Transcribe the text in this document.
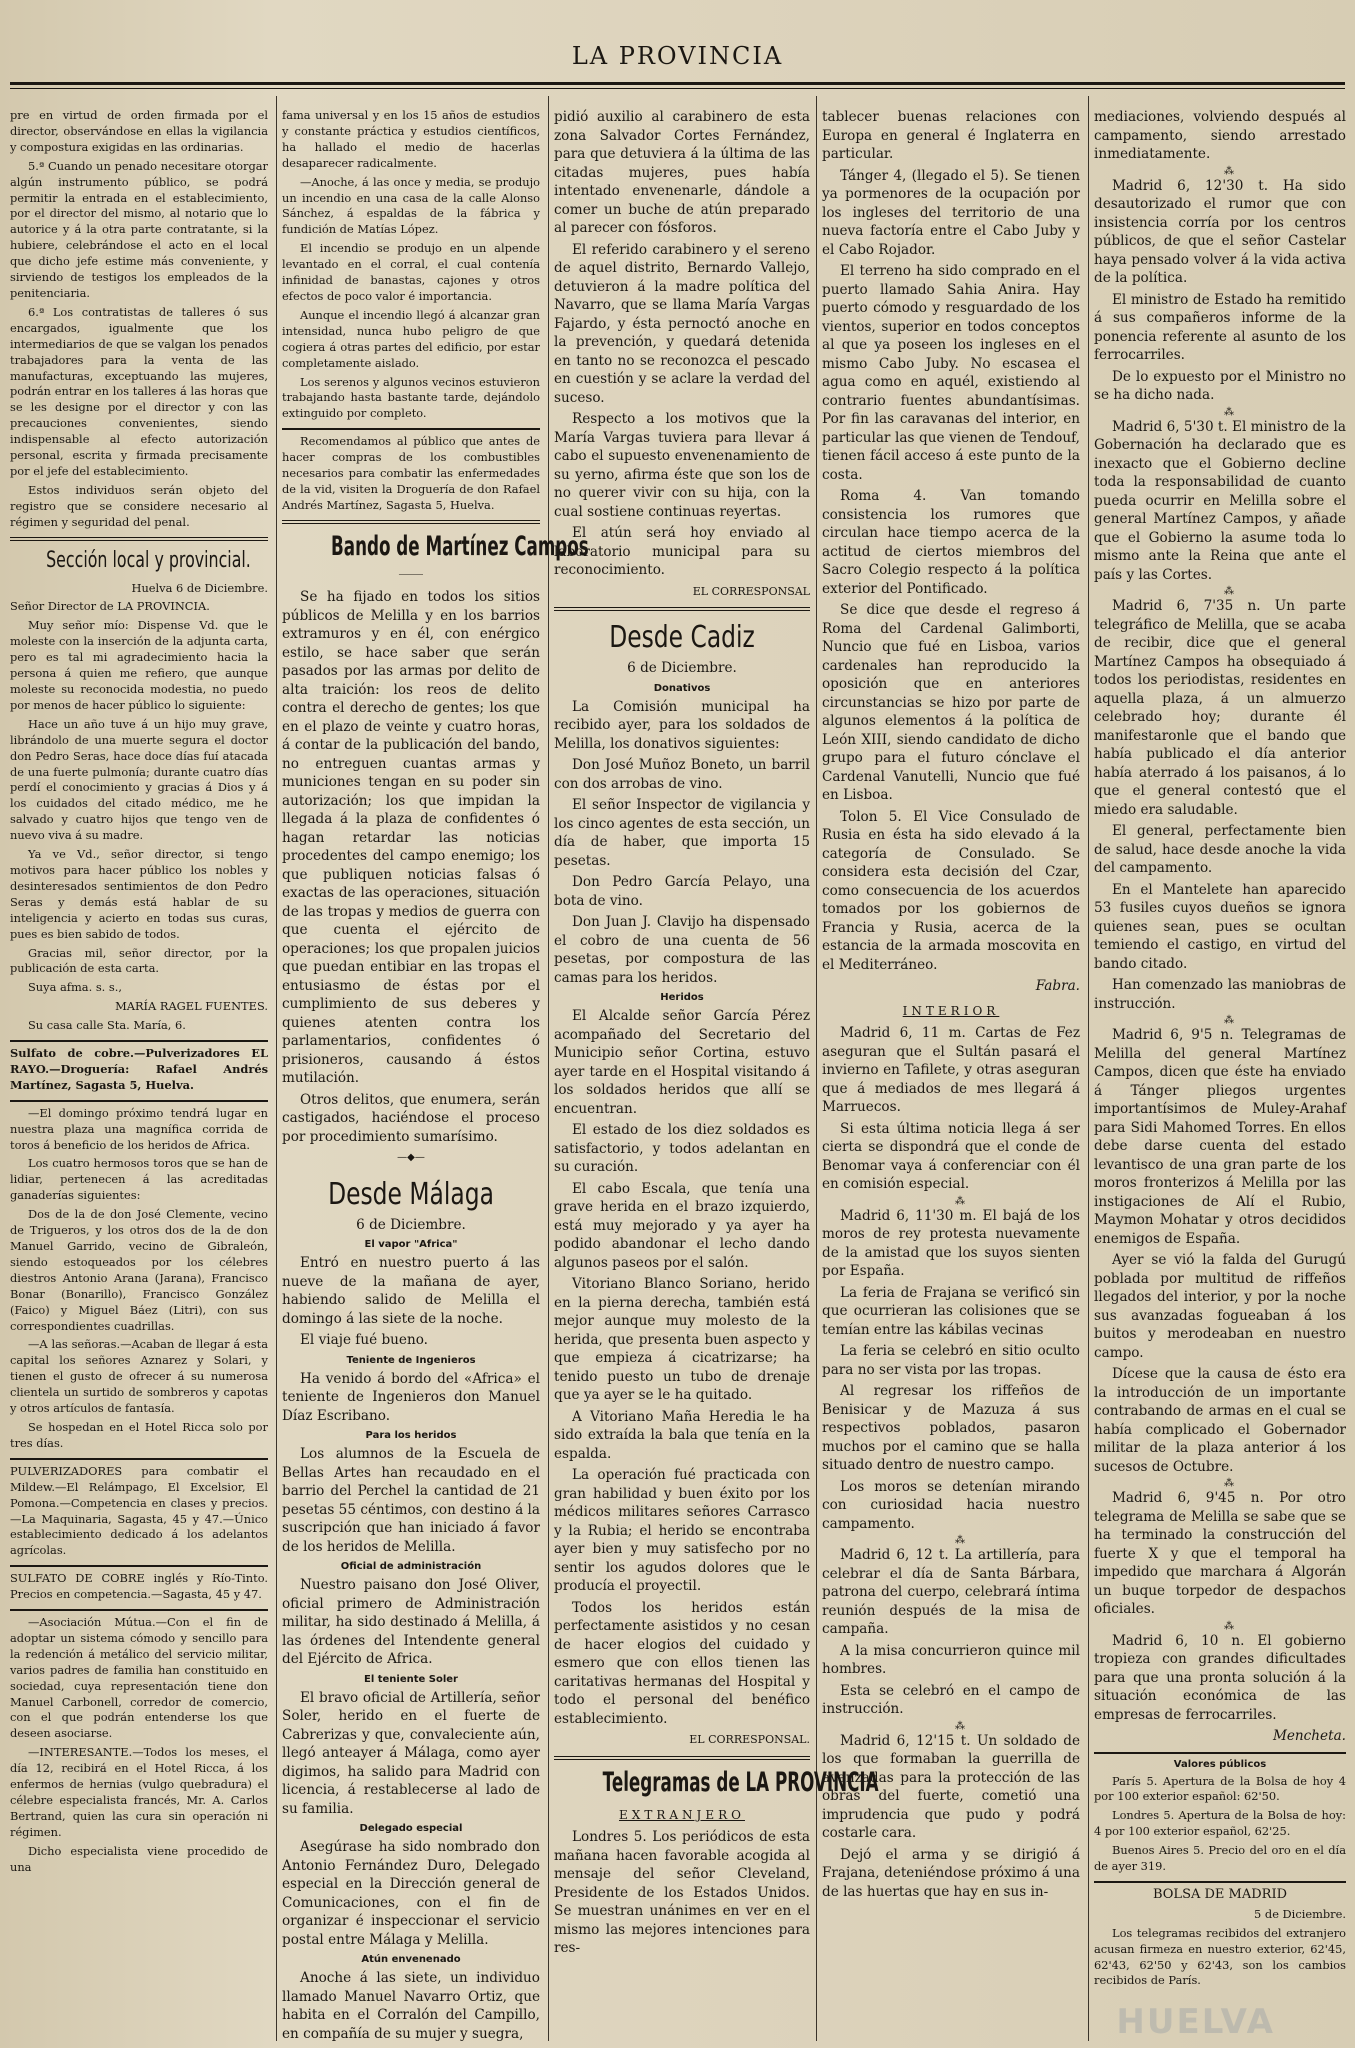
LA PROVINCIA

pre en virtud de orden firmada por el director, observándose en ellas la vigilancia y compostura exigidas en las ordinarias.

5.ª Cuando un penado necesitare otorgar algún instrumento público, se podrá permitir la entrada en el establecimiento, por el director del mismo, al notario que lo autorice y á la otra parte contratante, si la hubiere, celebrándose el acto en el local que dicho jefe estime más conveniente, y sirviendo de testigos los empleados de la penitenciaria.

6.ª Los contratistas de talleres ó sus encargados, igualmente que los intermediarios de que se valgan los penados trabajadores para la venta de las manufacturas, exceptuando las mujeres, podrán entrar en los talleres á las horas que se les designe por el director y con las precauciones convenientes, siendo indispensable al efecto autorización personal, escrita y firmada precisamente por el jefe del establecimiento.

Estos individuos serán objeto del registro que se considere necesario al régimen y seguridad del penal.

Sección local y provincial.

Huelva 6 de Diciembre.

Señor Director de LA PROVINCIA.

Muy señor mío: Dispense Vd. que le moleste con la inserción de la adjunta carta, pero es tal mi agradecimiento hacia la persona á quien me refiero, que aunque moleste su reconocida modestia, no puedo por menos de hacer público lo siguiente:

Hace un año tuve á un hijo muy grave, librándolo de una muerte segura el doctor don Pedro Seras, hace doce días fuí atacada de una fuerte pulmonía; durante cuatro días perdí el conocimiento y gracias á Dios y á los cuidados del citado médico, me he salvado y cuatro hijos que tengo ven de nuevo viva á su madre.

Ya ve Vd., señor director, si tengo motivos para hacer público los nobles y desinteresados sentimientos de don Pedro Seras y demás está hablar de su inteligencia y acierto en todas sus curas, pues es bien sabido de todos.

Gracias mil, señor director, por la publicación de esta carta.

Suya afma. s. s.,

MARÍA RAGEL FUENTES.

Su casa calle Sta. María, 6.

Sulfato de cobre.—Pulverizadores EL RAYO.—Droguería: Rafael Andrés Martínez, Sagasta 5, Huelva.

—El domingo próximo tendrá lugar en nuestra plaza una magnífica corrida de toros á beneficio de los heridos de Africa.

Los cuatro hermosos toros que se han de lidiar, pertenecen á las acreditadas ganaderías siguientes:

Dos de la de don José Clemente, vecino de Trigueros, y los otros dos de la de don Manuel Garrido, vecino de Gibraleón, siendo estoqueados por los célebres diestros Antonio Arana (Jarana), Francisco Bonar (Bonarillo), Francisco González (Faico) y Miguel Báez (Litri), con sus correspondientes cuadrillas.

—A las señoras.—Acaban de llegar á esta capital los señores Aznarez y Solari, y tienen el gusto de ofrecer á su numerosa clientela un surtido de sombreros y capotas y otros artículos de fantasía.

Se hospedan en el Hotel Ricca solo por tres días.

PULVERIZADORES para combatir el Mildew.—El Relámpago, El Excelsior, El Pomona.—Competencia en clases y precios.—La Maquinaria, Sagasta, 45 y 47.—Único establecimiento dedicado á los adelantos agrícolas.

SULFATO DE COBRE inglés y Río-Tinto. Precios en competencia.—Sagasta, 45 y 47.

—Asociación Mútua.—Con el fin de adoptar un sistema cómodo y sencillo para la redención á metálico del servicio militar, varios padres de familia han constituido en sociedad, cuya representación tiene don Manuel Carbonell, corredor de comercio, con el que podrán entenderse los que deseen asociarse.

—INTERESANTE.—Todos los meses, el día 12, recibirá en el Hotel Ricca, á los enfermos de hernias (vulgo quebradura) el célebre especialista francés, Mr. A. Carlos Bertrand, quien las cura sin operación ni régimen.

Dicho especialista viene procedido de una

fama universal y en los 15 años de estudios y constante práctica y estudios científicos, ha hallado el medio de hacerlas desaparecer radicalmente.

—Anoche, á las once y media, se produjo un incendio en una casa de la calle Alonso Sánchez, á espaldas de la fábrica y fundición de Matías López.

El incendio se produjo en un alpende levantado en el corral, el cual contenía infinidad de banastas, cajones y otros efectos de poco valor é importancia.

Aunque el incendio llegó á alcanzar gran intensidad, nunca hubo peligro de que cogiera á otras partes del edificio, por estar completamente aislado.

Los serenos y algunos vecinos estuvieron trabajando hasta bastante tarde, dejándolo extinguido por completo.

Recomendamos al público que antes de hacer compras de los combustibles necesarios para combatir las enfermedades de la vid, visiten la Droguería de don Rafael Andrés Martínez, Sagasta 5, Huelva.

Bando de Martínez Campos
⸻

Se ha fijado en todos los sitios públicos de Melilla y en los barrios extramuros y en él, con enérgico estilo, se hace saber que serán pasados por las armas por delito de alta traición: los reos de delito contra el derecho de gentes; los que en el plazo de veinte y cuatro horas, á contar de la publicación del bando, no entreguen cuantas armas y municiones tengan en su poder sin autorización; los que impidan la llegada á la plaza de confidentes ó hagan retardar las noticias procedentes del campo enemigo; los que publiquen noticias falsas ó exactas de las operaciones, situación de las tropas y medios de guerra con que cuenta el ejército de operaciones; los que propalen juicios que puedan entibiar en las tropas el entusiasmo de éstas por el cumplimiento de sus deberes y quienes atenten contra los parlamentarios, confidentes ó prisioneros, causando á éstos mutilación.

Otros delitos, que enumera, serán castigados, haciéndose el proceso por procedimiento sumarísimo.

—◆—
Desde Málaga

6 de Diciembre.

El vapor "Africa"

Entró en nuestro puerto á las nueve de la mañana de ayer, habiendo salido de Melilla el domingo á las siete de la noche.

El viaje fué bueno.

Teniente de Ingenieros

Ha venido á bordo del «Africa» el teniente de Ingenieros don Manuel Díaz Escribano.

Para los heridos

Los alumnos de la Escuela de Bellas Artes han recaudado en el barrio del Perchel la cantidad de 21 pesetas 55 céntimos, con destino á la suscripción que han iniciado á favor de los heridos de Melilla.

Oficial de administración

Nuestro paisano don José Oliver, oficial primero de Administración militar, ha sido destinado á Melilla, á las órdenes del Intendente general del Ejército de Africa.

El teniente Soler

El bravo oficial de Artillería, señor Soler, herido en el fuerte de Cabrerizas y que, convaleciente aún, llegó anteayer á Málaga, como ayer digimos, ha salido para Madrid con licencia, á restablecerse al lado de su familia.

Delegado especial

Asegúrase ha sido nombrado don Antonio Fernández Duro, Delegado especial en la Dirección general de Comunicaciones, con el fin de organizar é inspeccionar el servicio postal entre Málaga y Melilla.

Atún envenenado

Anoche á las siete, un individuo llamado Manuel Navarro Ortiz, que habita en el Corralón del Campillo, en compañía de su mujer y suegra,

pidió auxilio al carabinero de esta zona Salvador Cortes Fernández, para que detuviera á la última de las citadas mujeres, pues había intentado envenenarle, dándole a comer un buche de atún preparado al parecer con fósforos.

El referido carabinero y el sereno de aquel distrito, Bernardo Vallejo, detuvieron á la madre política del Navarro, que se llama María Vargas Fajardo, y ésta pernoctó anoche en la prevención, y quedará detenida en tanto no se reconozca el pescado en cuestión y se aclare la verdad del suceso.

Respecto a los motivos que la María Vargas tuviera para llevar á cabo el supuesto envenenamiento de su yerno, afirma éste que son los de no querer vivir con su hija, con la cual sostiene continuas reyertas.

El atún será hoy enviado al laboratorio municipal para su reconocimiento.

EL CORRESPONSAL

Desde Cadiz

6 de Diciembre.

Donativos

La Comisión municipal ha recibido ayer, para los soldados de Melilla, los donativos siguientes:

Don José Muñoz Boneto, un barril con dos arrobas de vino.

El señor Inspector de vigilancia y los cinco agentes de esta sección, un día de haber, que importa 15 pesetas.

Don Pedro García Pelayo, una bota de vino.

Don Juan J. Clavijo ha dispensado el cobro de una cuenta de 56 pesetas, por compostura de las camas para los heridos.

Heridos

El Alcalde señor García Pérez acompañado del Secretario del Municipio señor Cortina, estuvo ayer tarde en el Hospital visitando á los soldados heridos que allí se encuentran.

El estado de los diez soldados es satisfactorio, y todos adelantan en su curación.

El cabo Escala, que tenía una grave herida en el brazo izquierdo, está muy mejorado y ya ayer ha podido abandonar el lecho dando algunos paseos por el salón.

Vitoriano Blanco Soriano, herido en la pierna derecha, también está mejor aunque muy molesto de la herida, que presenta buen aspecto y que empieza á cicatrizarse; ha tenido puesto un tubo de drenaje que ya ayer se le ha quitado.

A Vitoriano Maña Heredia le ha sido extraída la bala que tenía en la espalda.

La operación fué practicada con gran habilidad y buen éxito por los médicos militares señores Carrasco y la Rubia; el herido se encontraba ayer bien y muy satisfecho por no sentir los agudos dolores que le producía el proyectil.

Todos los heridos están perfectamente asistidos y no cesan de hacer elogios del cuidado y esmero que con ellos tienen las caritativas hermanas del Hospital y todo el personal del benéfico establecimiento.

EL CORRESPONSAL.

Telegramas de LA PROVINCIA
EXTRANJERO

Londres 5. Los periódicos de esta mañana hacen favorable acogida al mensaje del señor Cleveland, Presidente de los Estados Unidos. Se muestran unánimes en ver en el mismo las mejores intenciones para res-

tablecer buenas relaciones con Europa en general é Inglaterra en particular.

Tánger 4, (llegado el 5). Se tienen ya pormenores de la ocupación por los ingleses del territorio de una nueva factoría entre el Cabo Juby y el Cabo Rojador.

El terreno ha sido comprado en el puerto llamado Sahia Anira. Hay puerto cómodo y resguardado de los vientos, superior en todos conceptos al que ya poseen los ingleses en el mismo Cabo Juby. No escasea el agua como en aquél, existiendo al contrario fuentes abundantísimas. Por fin las caravanas del interior, en particular las que vienen de Tendouf, tienen fácil acceso á este punto de la costa.

Roma 4. Van tomando consistencia los rumores que circulan hace tiempo acerca de la actitud de ciertos miembros del Sacro Colegio respecto á la política exterior del Pontificado.

Se dice que desde el regreso á Roma del Cardenal Galimborti, Nuncio que fué en Lisboa, varios cardenales han reproducido la oposición que en anteriores circunstancias se hizo por parte de algunos elementos á la política de León XIII, siendo candidato de dicho grupo para el futuro cónclave el Cardenal Vanutelli, Nuncio que fué en Lisboa.

Tolon 5. El Vice Consulado de Rusia en ésta ha sido elevado á la categoría de Consulado. Se considera esta decisión del Czar, como consecuencia de los acuerdos tomados por los gobiernos de Francia y Rusia, acerca de la estancia de la armada moscovita en el Mediterráneo.

Fabra.

INTERIOR

Madrid 6, 11 m. Cartas de Fez aseguran que el Sultán pasará el invierno en Tafilete, y otras aseguran que á mediados de mes llegará á Marruecos.

Si esta última noticia llega á ser cierta se dispondrá que el conde de Benomar vaya á conferenciar con él en comisión especial.

⁂

Madrid 6, 11'30 m. El bajá de los moros de rey protesta nuevamente de la amistad que los suyos sienten por España.

La feria de Frajana se verificó sin que ocurrieran las colisiones que se temían entre las kábilas vecinas

La feria se celebró en sitio oculto para no ser vista por las tropas.

Al regresar los riffeños de Benisicar y de Mazuza á sus respectivos poblados, pasaron muchos por el camino que se halla situado dentro de nuestro campo.

Los moros se detenían mirando con curiosidad hacia nuestro campamento.

⁂

Madrid 6, 12 t. La artillería, para celebrar el día de Santa Bárbara, patrona del cuerpo, celebrará íntima reunión después de la misa de campaña.

A la misa concurrieron quince mil hombres.

Esta se celebró en el campo de instrucción.

⁂

Madrid 6, 12'15 t. Un soldado de los que formaban la guerrilla de avanzadas para la protección de las obras del fuerte, cometió una imprudencia que pudo y podrá costarle cara.

Dejó el arma y se dirigió á Frajana, deteniéndose próximo á una de las huertas que hay en sus in-

mediaciones, volviendo después al campamento, siendo arrestado inmediatamente.

⁂

Madrid 6, 12'30 t. Ha sido desautorizado el rumor que con insistencia corría por los centros públicos, de que el señor Castelar haya pensado volver á la vida activa de la política.

El ministro de Estado ha remitido á sus compañeros informe de la ponencia referente al asunto de los ferrocarriles.

De lo expuesto por el Ministro no se ha dicho nada.

⁂

Madrid 6, 5'30 t. El ministro de la Gobernación ha declarado que es inexacto que el Gobierno decline toda la responsabilidad de cuanto pueda ocurrir en Melilla sobre el general Martínez Campos, y añade que el Gobierno la asume toda lo mismo ante la Reina que ante el país y las Cortes.

⁂

Madrid 6, 7'35 n. Un parte telegráfico de Melilla, que se acaba de recibir, dice que el general Martínez Campos ha obsequiado á todos los periodistas, residentes en aquella plaza, á un almuerzo celebrado hoy; durante él manifestaronle que el bando que había publicado el día anterior había aterrado á los paisanos, á lo que el general contestó que el miedo era saludable.

El general, perfectamente bien de salud, hace desde anoche la vida del campamento.

En el Mantelete han aparecido 53 fusiles cuyos dueños se ignora quienes sean, pues se ocultan temiendo el castigo, en virtud del bando citado.

Han comenzado las maniobras de instrucción.

⁂

Madrid 6, 9'5 n. Telegramas de Melilla del general Martínez Campos, dicen que éste ha enviado á Tánger pliegos urgentes importantísimos de Muley-Arahaf para Sidi Mahomed Torres. En ellos debe darse cuenta del estado levantisco de una gran parte de los moros fronterizos á Melilla por las instigaciones de Alí el Rubio, Maymon Mohatar y otros decididos enemigos de España.

Ayer se vió la falda del Gurugú poblada por multitud de riffeños llegados del interior, y por la noche sus avanzadas fogueaban á los buitos y merodeaban en nuestro campo.

Dícese que la causa de ésto era la introducción de un importante contrabando de armas en el cual se había complicado el Gobernador militar de la plaza anterior á los sucesos de Octubre.

⁂

Madrid 6, 9'45 n. Por otro telegrama de Melilla se sabe que se ha terminado la construcción del fuerte X y que el temporal ha impedido que marchara á Algorán un buque torpedor de despachos oficiales.

⁂

Madrid 6, 10 n. El gobierno tropieza con grandes dificultades para que una pronta solución á la situación económica de las empresas de ferrocarriles.

Mencheta.

Valores públicos

París 5. Apertura de la Bolsa de hoy 4 por 100 exterior español: 62'50.

Londres 5. Apertura de la Bolsa de hoy: 4 por 100 exterior español, 62'25.

Buenos Aires 5. Precio del oro en el día de ayer 319.

BOLSA DE MADRID

5 de Diciembre.

Los telegramas recibidos del extranjero acusan firmeza en nuestro exterior, 62'45, 62'43, 62'50 y 62'43, son los cambios recibidos de París.

HUELVA
